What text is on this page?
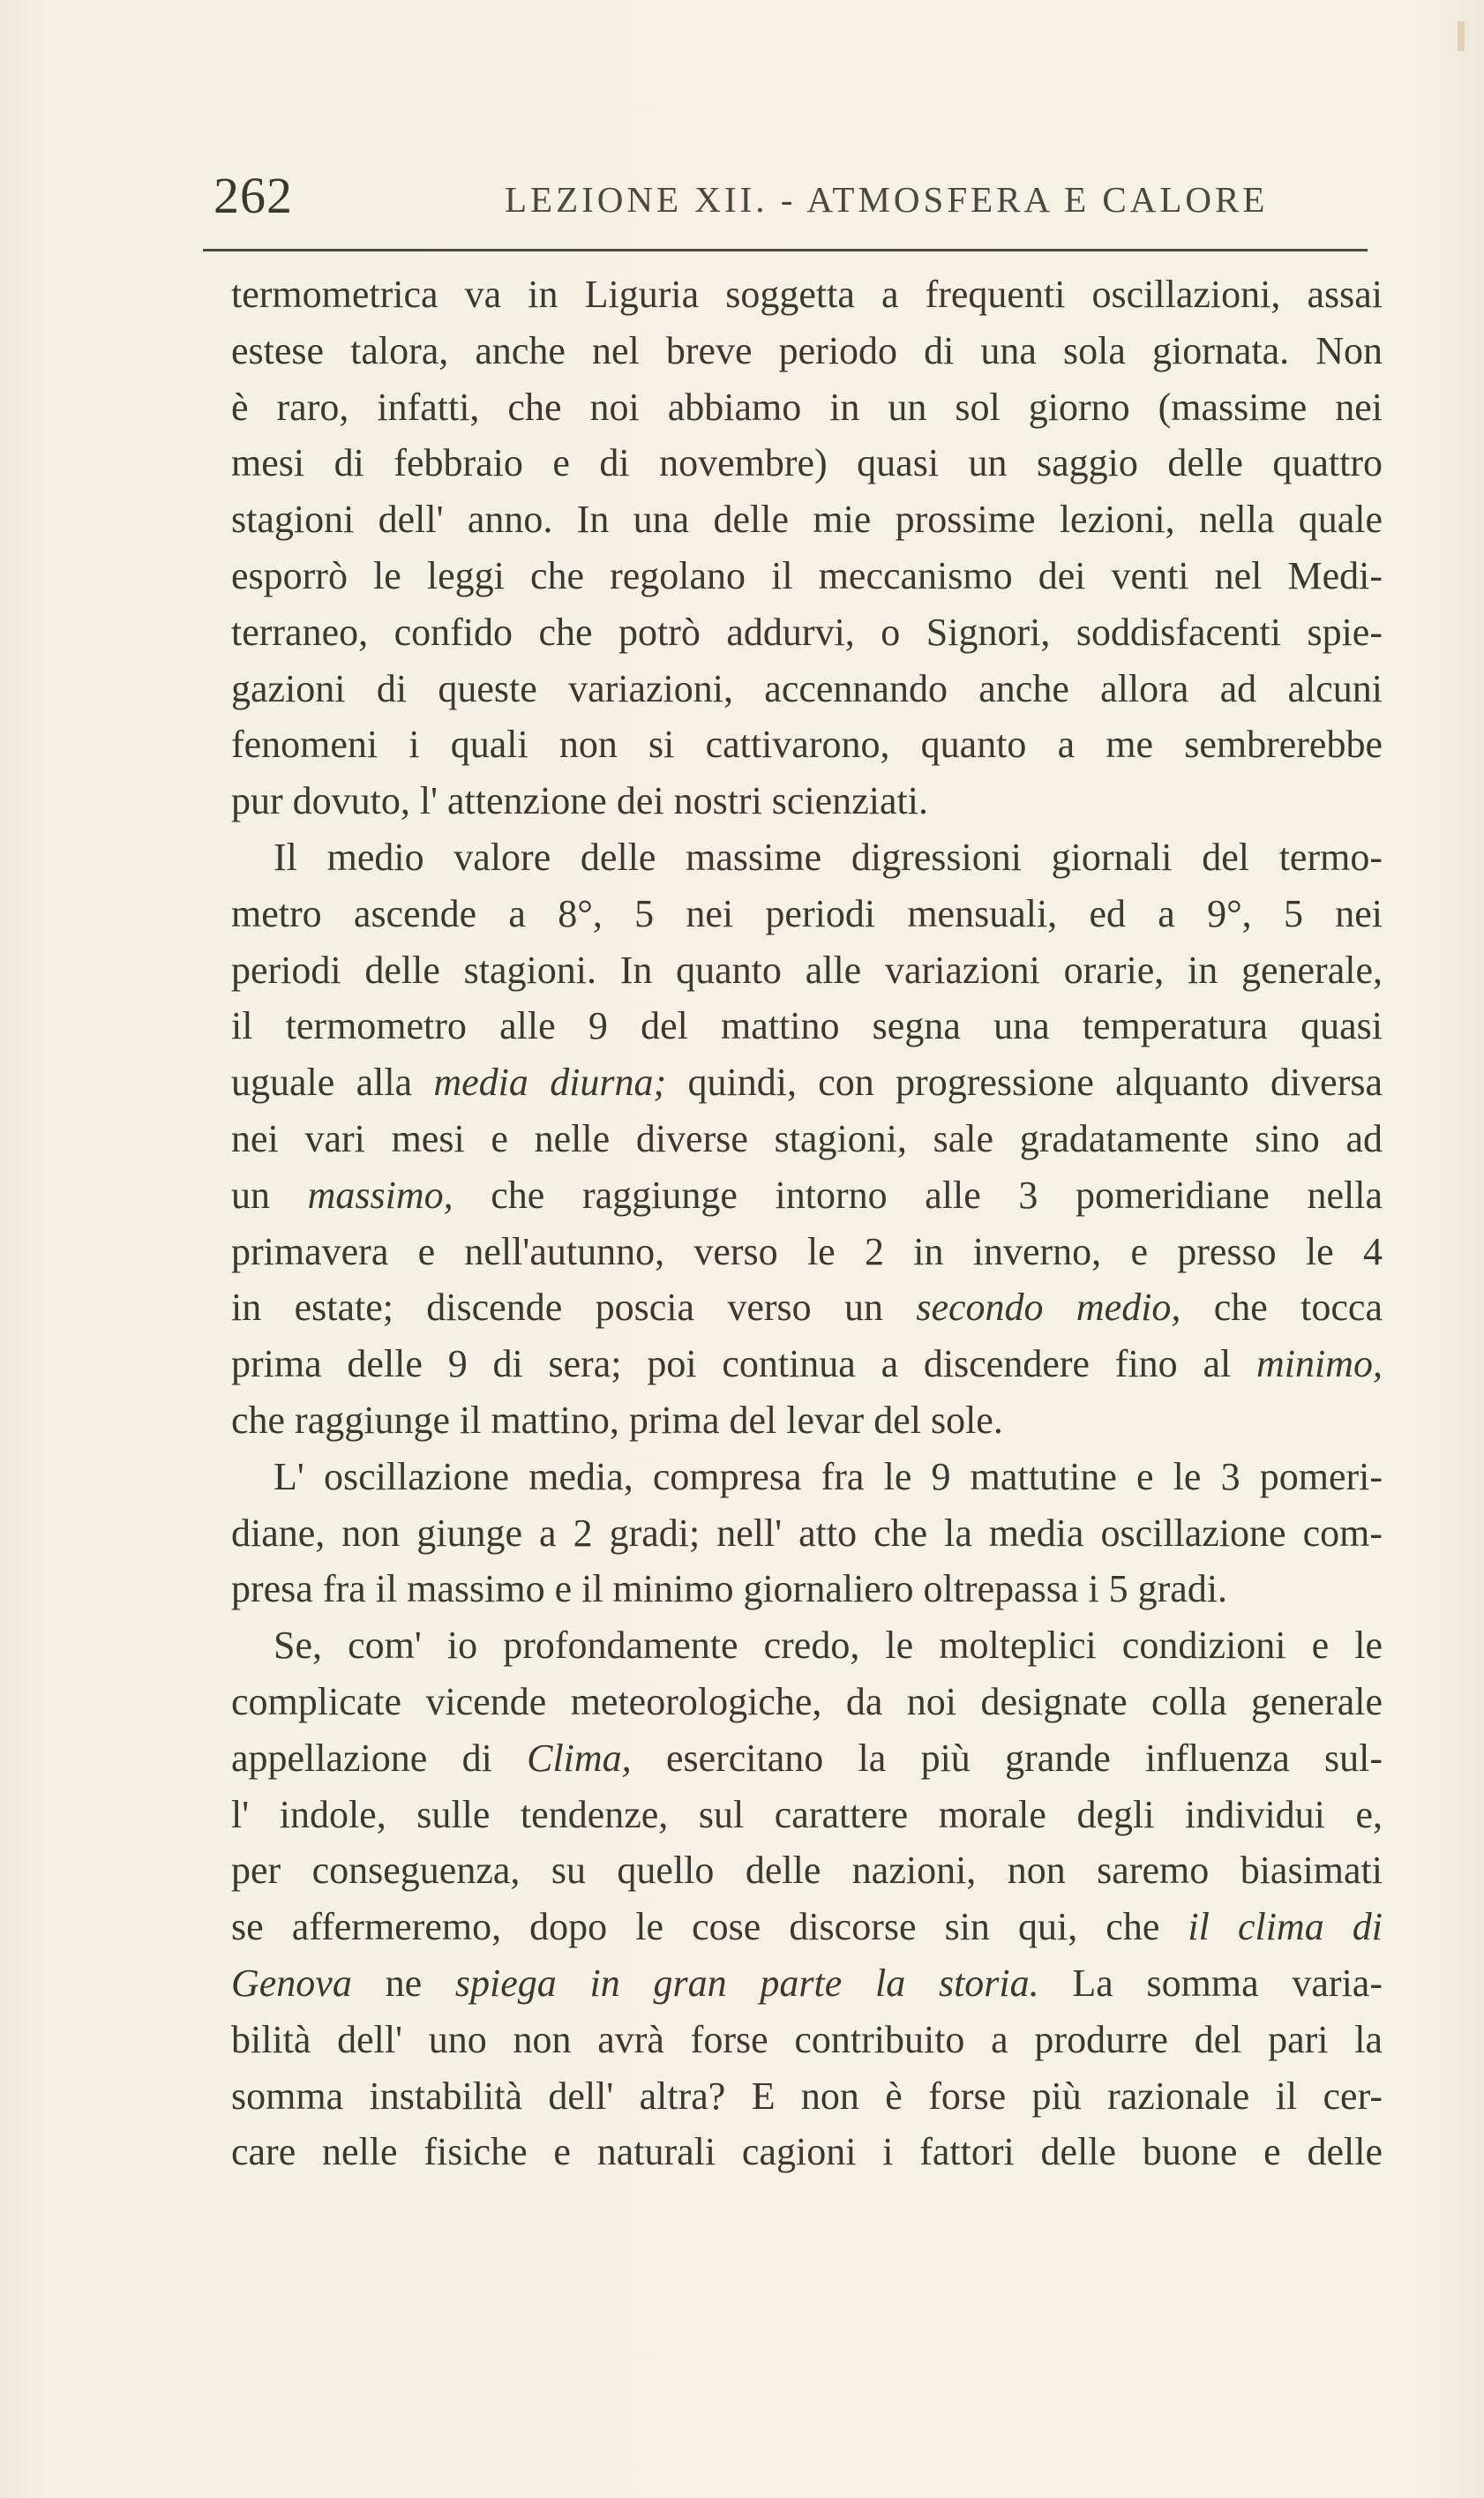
262	LEZIONE XII. - ATMOSFERA E CALORE
termometrica va in Liguria soggetta a frequenti oscillazioni, assai
estese talora, anche nel breve periodo di una sola giornata. Non
è raro, infatti, che noi abbiamo in un sol giorno (massime nei
mesi di febbraio e di novembre) quasi un saggio delle quattro
stagioni dell' anno. In una delle mie prossime lezioni, nella quale
esporrò le leggi che regolano il meccanismo dei venti nel Medi-
terraneo, confido che potrò addurvi, o Signori, soddisfacenti spie-
gazioni di queste variazioni, accennando anche allora ad alcuni
fenomeni i quali non si cattivarono, quanto a me sembrerebbe
pur dovuto, l' attenzione dei nostri scienziati.
Il medio valore delle massime digressioni giornali del termo-
metro ascende a 8°, 5 nei periodi mensuali, ed a 9°, 5 nei
periodi delle stagioni. In quanto alle variazioni orarie, in generale,
il termometro alle 9 del mattino segna una temperatura quasi
uguale alla media diurna; quindi, con progressione alquanto diversa
nei vari mesi e nelle diverse stagioni, sale gradatamente sino ad
un massimo, che raggiunge intorno alle 3 pomeridiane nella
primavera e nell'autunno, verso le 2 in inverno, e presso le 4
in estate; discende poscia verso un secondo medio, che tocca
prima delle 9 di sera; poi continua a discendere fino al minimo,
che raggiunge il mattino, prima del levar del sole.
L' oscillazione media, compresa fra le 9 mattutine e le 3 pomeri-
diane, non giunge a 2 gradi; nell' atto che la media oscillazione com-
presa fra il massimo e il minimo giornaliero oltrepassa i 5 gradi.
Se, com' io profondamente credo, le molteplici condizioni e le
complicate vicende meteorologiche, da noi designate colla generale
appellazione di Clima, esercitano la più grande influenza sul-
l' indole, sulle tendenze, sul carattere morale degli individui e,
per conseguenza, su quello delle nazioni, non saremo biasimati
se affermeremo, dopo le cose discorse sin qui, che il clima di
Genova ne spiega in gran parte la storia. La somma varia-
bilità dell' uno non avrà forse contribuito a produrre del pari la
somma instabilità dell' altra? E non è forse più razionale il cer-
care nelle fisiche e naturali cagioni i fattori delle buone e delle
